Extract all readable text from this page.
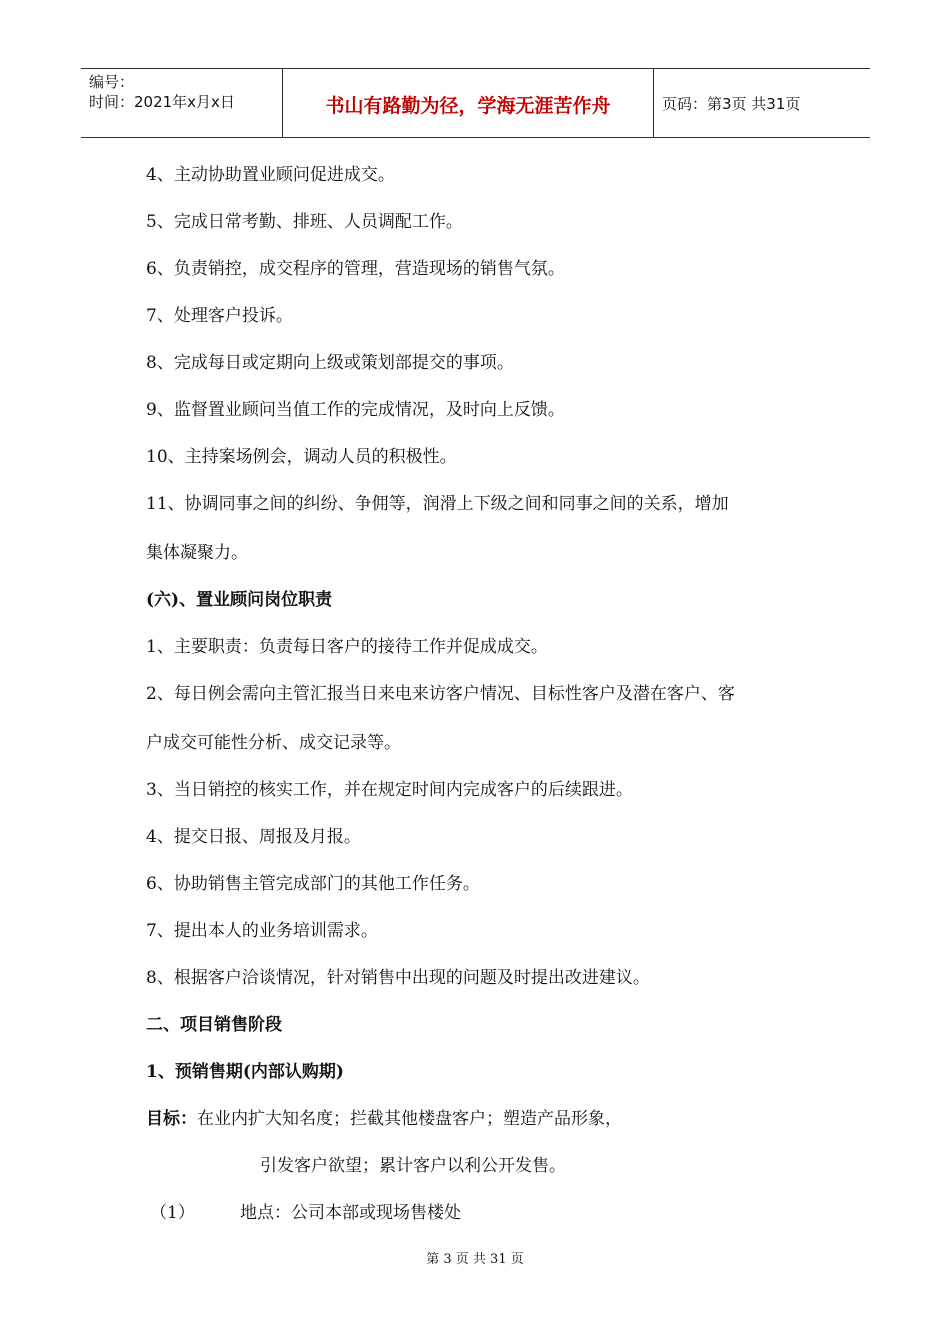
编号：
时间：2021年x月x日	书山有路勤为径，学海无涯苦作舟	页码：第3页 共31页
4、主动协助置业顾问促进成交。
5、完成日常考勤、排班、人员调配工作。
6、负责销控，成交程序的管理，营造现场的销售气氛。
7、处理客户投诉。
8、完成每日或定期向上级或策划部提交的事项。
9、监督置业顾问当值工作的完成情况，及时向上反馈。
10、主持案场例会，调动人员的积极性。
11、协调同事之间的纠纷、争佣等，润滑上下级之间和同事之间的关系，增加
集体凝聚力。
(六)、置业顾问岗位职责
1、主要职责：负责每日客户的接待工作并促成成交。
2、每日例会需向主管汇报当日来电来访客户情况、目标性客户及潜在客户、客
户成交可能性分析、成交记录等。
3、当日销控的核实工作，并在规定时间内完成客户的后续跟进。
4、提交日报、周报及月报。
6、协助销售主管完成部门的其他工作任务。
7、提出本人的业务培训需求。
8、根据客户洽谈情况，针对销售中出现的问题及时提出改进建议。
二、项目销售阶段
1、预销售期(内部认购期)
目标：在业内扩大知名度；拦截其他楼盘客户；塑造产品形象，
引发客户欲望；累计客户以利公开发售。
（1）	地点：公司本部或现场售楼处
第 3 页 共 31 页
